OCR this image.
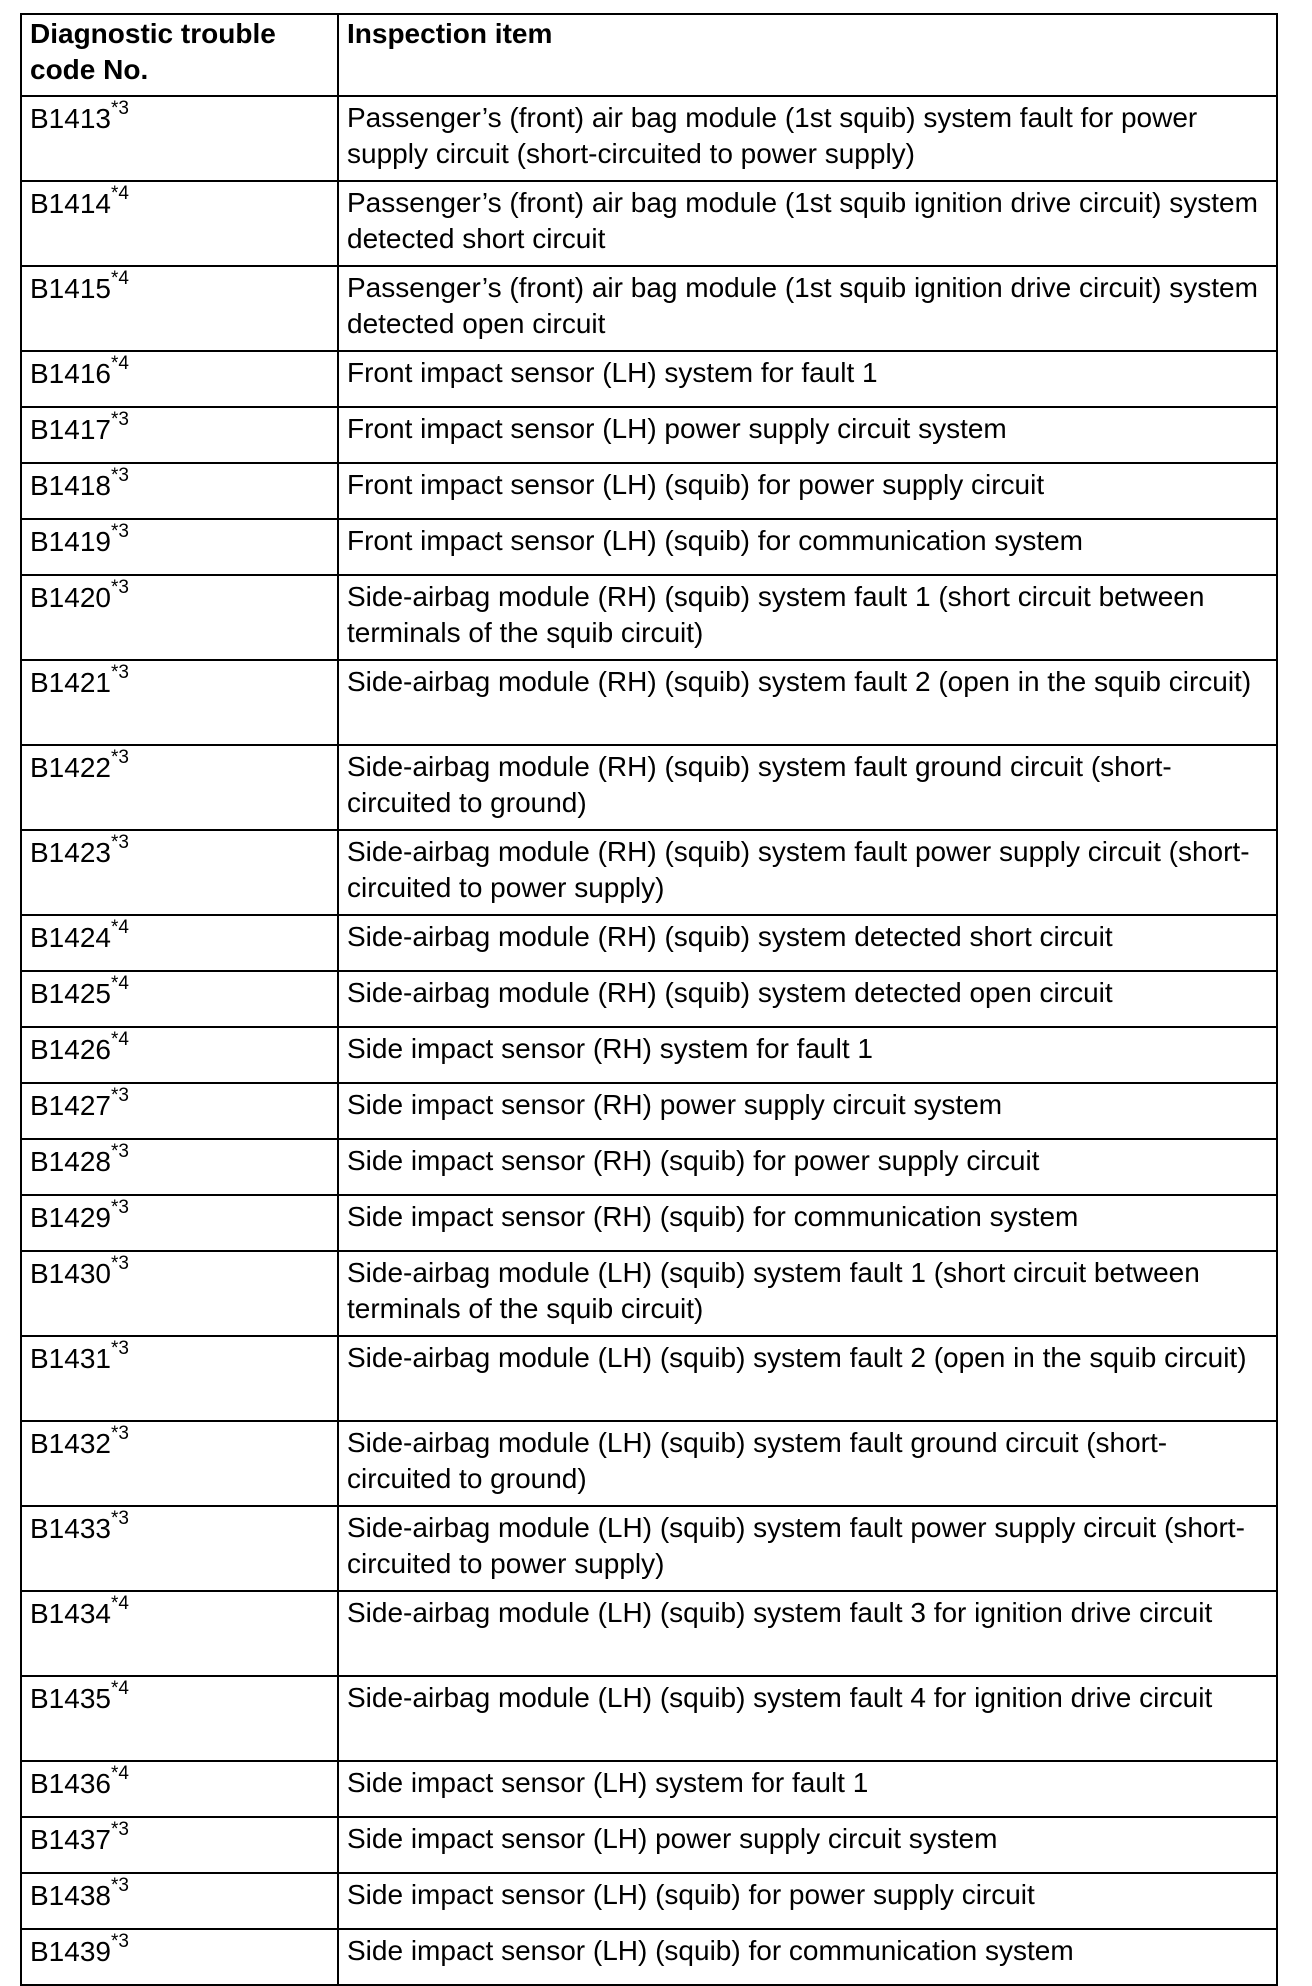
Diagnostic trouble code No.	Inspection item
B1413$^{*3}$	Passenger’s (front) air bag module (1st squib) system fault for power supply circuit (short-circuited to power supply)
B1414$^{*4}$	Passenger’s (front) air bag module (1st squib ignition drive circuit) system detected short circuit
B1415$^{*4}$	Passenger’s (front) air bag module (1st squib ignition drive circuit) system detected open circuit
B1416$^{*4}$	Front impact sensor (LH) system for fault 1
B1417$^{*3}$	Front impact sensor (LH) power supply circuit system
B1418$^{*3}$	Front impact sensor (LH) (squib) for power supply circuit
B1419$^{*3}$	Front impact sensor (LH) (squib) for communication system
B1420$^{*3}$	Side-airbag module (RH) (squib) system fault 1 (short circuit between terminals of the squib circuit)
B1421$^{*3}$	Side-airbag module (RH) (squib) system fault 2 (open in the squib circuit)
B1422$^{*3}$	Side-airbag module (RH) (squib) system fault ground circuit (short-circuited to ground)
B1423$^{*3}$	Side-airbag module (RH) (squib) system fault power supply circuit (short-circuited to power supply)
B1424$^{*4}$	Side-airbag module (RH) (squib) system detected short circuit
B1425$^{*4}$	Side-airbag module (RH) (squib) system detected open circuit
B1426$^{*4}$	Side impact sensor (RH) system for fault 1
B1427$^{*3}$	Side impact sensor (RH) power supply circuit system
B1428$^{*3}$	Side impact sensor (RH) (squib) for power supply circuit
B1429$^{*3}$	Side impact sensor (RH) (squib) for communication system
B1430$^{*3}$	Side-airbag module (LH) (squib) system fault 1 (short circuit between terminals of the squib circuit)
B1431$^{*3}$	Side-airbag module (LH) (squib) system fault 2 (open in the squib circuit)
B1432$^{*3}$	Side-airbag module (LH) (squib) system fault ground circuit (short-circuited to ground)
B1433$^{*3}$	Side-airbag module (LH) (squib) system fault power supply circuit (short-circuited to power supply)
B1434$^{*4}$	Side-airbag module (LH) (squib) system fault 3 for ignition drive circuit
B1435$^{*4}$	Side-airbag module (LH) (squib) system fault 4 for ignition drive circuit
B1436$^{*4}$	Side impact sensor (LH) system for fault 1
B1437$^{*3}$	Side impact sensor (LH) power supply circuit system
B1438$^{*3}$	Side impact sensor (LH) (squib) for power supply circuit
B1439$^{*3}$	Side impact sensor (LH) (squib) for communication system
